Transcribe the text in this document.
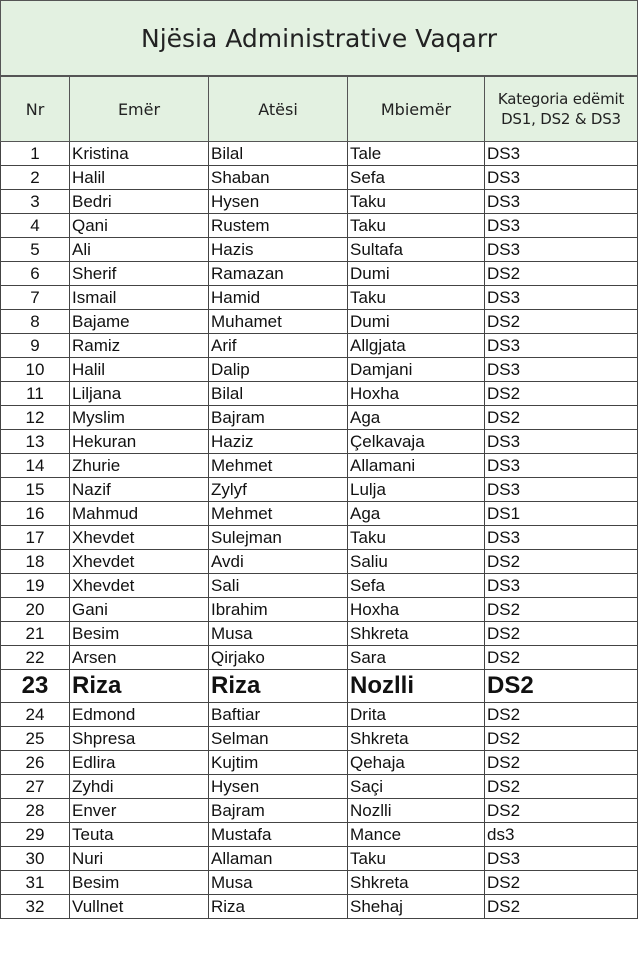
Njësia Administrative Vaqarr
Nr	Emër	Atësi	Mbiemër	Kategoria edëmit
DS1, DS2 & DS3
1	Kristina	Bilal	Tale	DS3
2	Halil	Shaban	Sefa	DS3
3	Bedri	Hysen	Taku	DS3
4	Qani	Rustem	Taku	DS3
5	Ali	Hazis	Sultafa	DS3
6	Sherif	Ramazan	Dumi	DS2
7	Ismail	Hamid	Taku	DS3
8	Bajame	Muhamet	Dumi	DS2
9	Ramiz	Arif	Allgjata	DS3
10	Halil	Dalip	Damjani	DS3
11	Liljana	Bilal	Hoxha	DS2
12	Myslim	Bajram	Aga	DS2
13	Hekuran	Haziz	Çelkavaja	DS3
14	Zhurie	Mehmet	Allamani	DS3
15	Nazif	Zylyf	Lulja	DS3
16	Mahmud	Mehmet	Aga	DS1
17	Xhevdet	Sulejman	Taku	DS3
18	Xhevdet	Avdi	Saliu	DS2
19	Xhevdet	Sali	Sefa	DS3
20	Gani	Ibrahim	Hoxha	DS2
21	Besim	Musa	Shkreta	DS2
22	Arsen	Qirjako	Sara	DS2
23	Riza	Riza	Nozlli	DS2
24	Edmond	Baftiar	Drita	DS2
25	Shpresa	Selman	Shkreta	DS2
26	Edlira	Kujtim	Qehaja	DS2
27	Zyhdi	Hysen	Saçi	DS2
28	Enver	Bajram	Nozlli	DS2
29	Teuta	Mustafa	Mance	ds3
30	Nuri	Allaman	Taku	DS3
31	Besim	Musa	Shkreta	DS2
32	Vullnet	Riza	Shehaj	DS2
